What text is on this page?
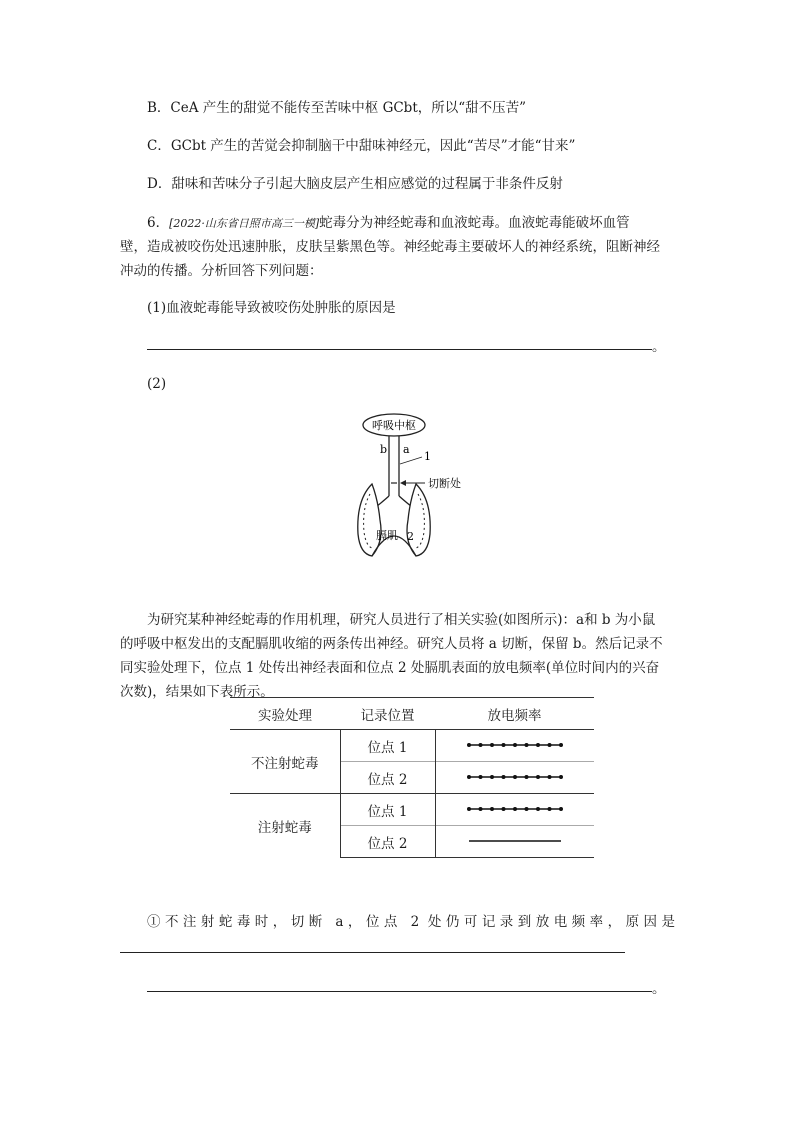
B．CeA 产生的甜觉不能传至苦味中枢 GCbt，所以“甜不压苦”
C．GCbt 产生的苦觉会抑制脑干中甜味神经元，因此“苦尽”才能“甘来”
D．甜味和苦味分子引起大脑皮层产生相应感觉的过程属于非条件反射
6．[2022·山东省日照市高三一模]蛇毒分为神经蛇毒和血液蛇毒。血液蛇毒能破坏血管
壁，造成被咬伤处迅速肿胀，皮肤呈紫黑色等。神经蛇毒主要破坏人的神经系统，阻断神经
冲动的传播。分析回答下列问题：
(1)血液蛇毒能导致被咬伤处肿胀的原因是
。
(2)
呼吸中枢
b a
1
切断处
膈肌 2
为研究某种神经蛇毒的作用机理，研究人员进行了相关实验(如图所示)：a和 b 为小鼠
的呼吸中枢发出的支配膈肌收缩的两条传出神经。研究人员将 a 切断，保留 b。然后记录不
同实验处理下，位点 1 处传出神经表面和位点 2 处膈肌表面的放电频率(单位时间内的兴奋
次数)，结果如下表所示。
实验处理	记录位置	放电频率
不注射蛇毒	位点 1	
	位点 2	
注射蛇毒	位点 1	
	位点 2	
①不注射蛇毒时，切断 a，位点 2 处仍可记录到放电频率，原因是
。
